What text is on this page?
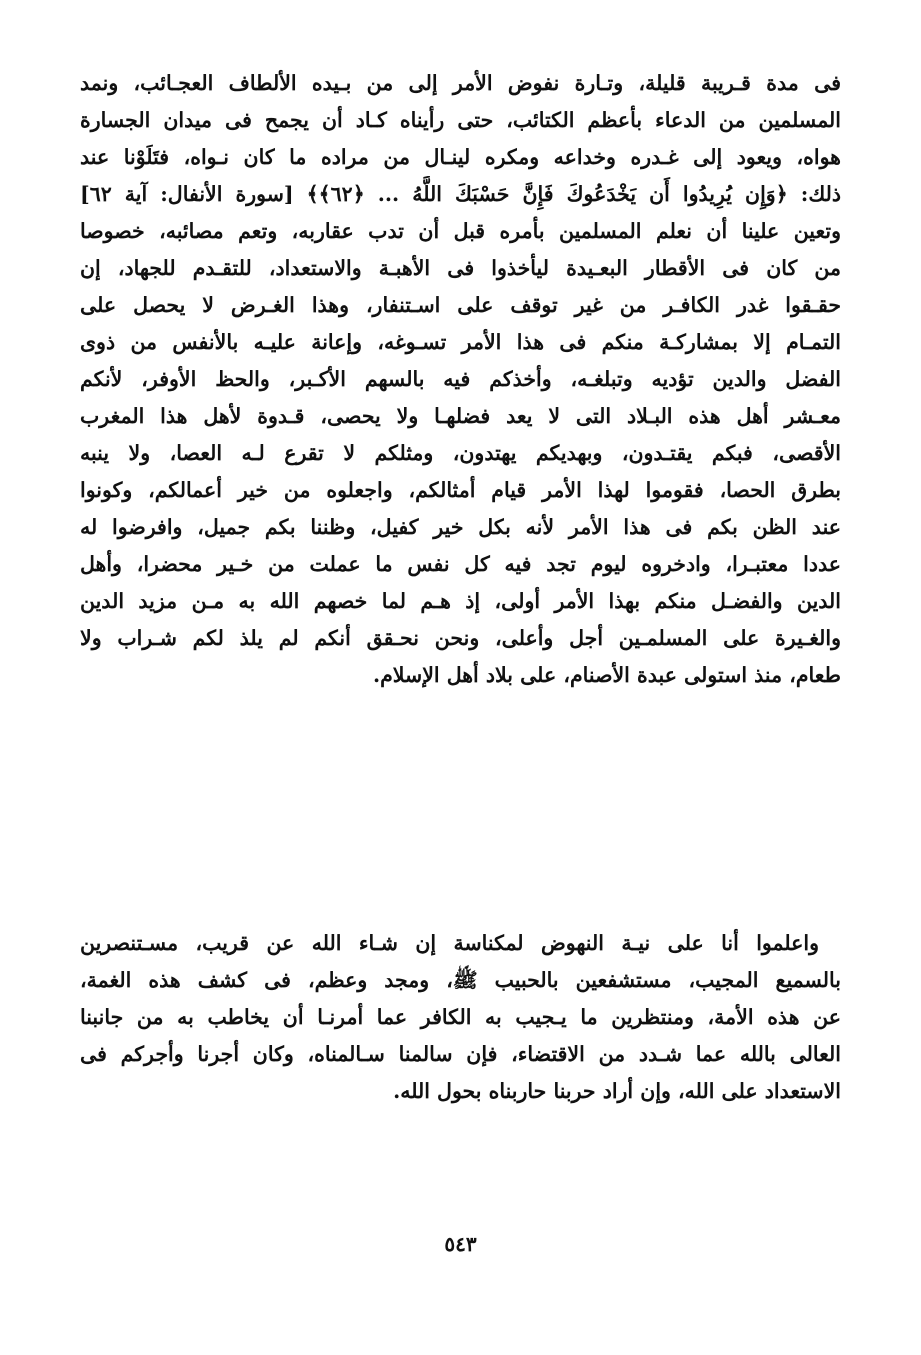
فى مدة قـريبة قليلة، وتـارة نفوض الأمر إلى من بـيده الألطاف العجـائب، ونمد
المسلمين من الدعاء بأعظم الكتائب، حتى رأيناه كـاد أن يجمح فى ميدان الجسارة
هواه، ويعود إلى غـدره وخداعه ومكره لينـال من مراده ما كان نـواه، فتَلَوْنا عند
ذلك: ﴿وَإِن يُرِيدُوا أَن يَخْدَعُوكَ فَإِنَّ حَسْبَكَ اللَّهُ ... ﴿٦٢﴾﴾ [سورة الأنفال: آية ٦٢]
وتعين علينا أن نعلم المسلمين بأمره قبل أن تدب عقاربه، وتعم مصائبه، خصوصا
من كان فى الأقطار البعـيدة ليأخذوا فى الأهبـة والاستعداد، للتقـدم للجهاد، إن
حقـقوا غدر الكافـر من غير توقف على اسـتنفار، وهذا الغـرض لا يحصل على
التمـام إلا بمشاركـة منكم فى هذا الأمر تسـوغه، وإعانة عليـه بالأنفس من ذوى
الفضل والدين تؤديه وتبلغـه، وأخذكم فيه بالسهم الأكـبر، والحظ الأوفر، لأنكم
معـشر أهل هذه البـلاد التى لا يعد فضلهـا ولا يحصى، قـدوة لأهل هذا المغرب
الأقصى، فبكم يقتـدون، وبهديكم يهتدون، ومثلكم لا تقرع لـه العصا، ولا ينبه
بطرق الحصا، فقوموا لهذا الأمر قيام أمثالكم، واجعلوه من خير أعمالكم، وكونوا
عند الظن بكم فى هذا الأمر لأنه بكل خير كفيل، وظننا بكم جميل، وافرضوا له
عددا معتبـرا، وادخروه ليوم تجد فيه كل نفس ما عملت من خـير محضرا، وأهل
الدين والفضـل منكم بهذا الأمر أولى، إذ هـم لما خصهم الله به مـن مزيد الدين
والغـيرة على المسلمـين أجل وأعلى، ونحن نحـقق أنكم لم يلذ لكم شـراب ولا
طعام، منذ استولى عبدة الأصنام، على بلاد أهل الإسلام.
واعلموا أنا على نيـة النهوض لمكناسة إن شـاء الله عن قريب، مسـتنصرين
بالسميع المجيب، مستشفعين بالحبيب ﷺ، ومجد وعظم، فى كشف هذه الغمة،
عن هذه الأمة، ومنتظرين ما يـجيب به الكافر عما أمرنـا أن يخاطب به من جانبنا
العالى بالله عما شـدد من الاقتضاء، فإن سالمنا سـالمناه، وكان أجرنا وأجركم فى
الاستعداد على الله، وإن أراد حربنا حاربناه بحول الله.
٥٤٣
